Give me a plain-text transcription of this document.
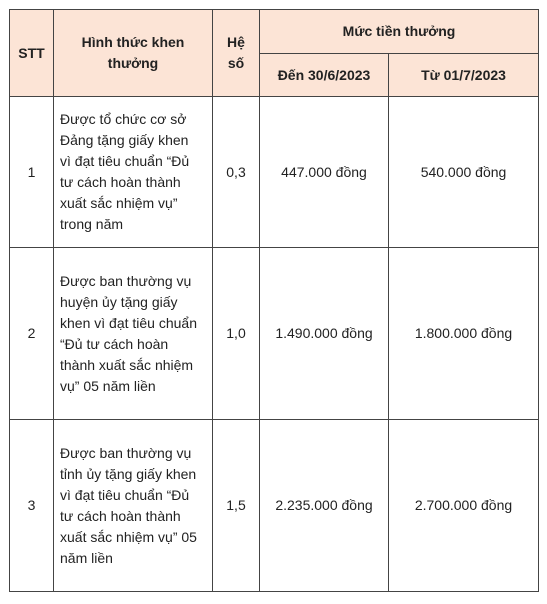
STT	Hình thức khen thưởng	Hệ số	Mức tiền thưởng	
			Đến 30/6/2023	Từ 01/7/2023
1	Được tổ chức cơ sở Đảng tặng giấy khen vì đạt tiêu chuẩn “Đủ tư cách hoàn thành xuất sắc nhiệm vụ” trong năm	0,3	447.000 đồng	540.000 đồng
2	Được ban thường vụ huyện ủy tặng giấy khen vì đạt tiêu chuẩn “Đủ tư cách hoàn thành xuất sắc nhiệm vụ” 05 năm liền	1,0	1.490.000 đồng	1.800.000 đồng
3	Được ban thường vụ tỉnh ủy tặng giấy khen vì đạt tiêu chuẩn “Đủ tư cách hoàn thành xuất sắc nhiệm vụ” 05 năm liền	1,5	2.235.000 đồng	2.700.000 đồng
